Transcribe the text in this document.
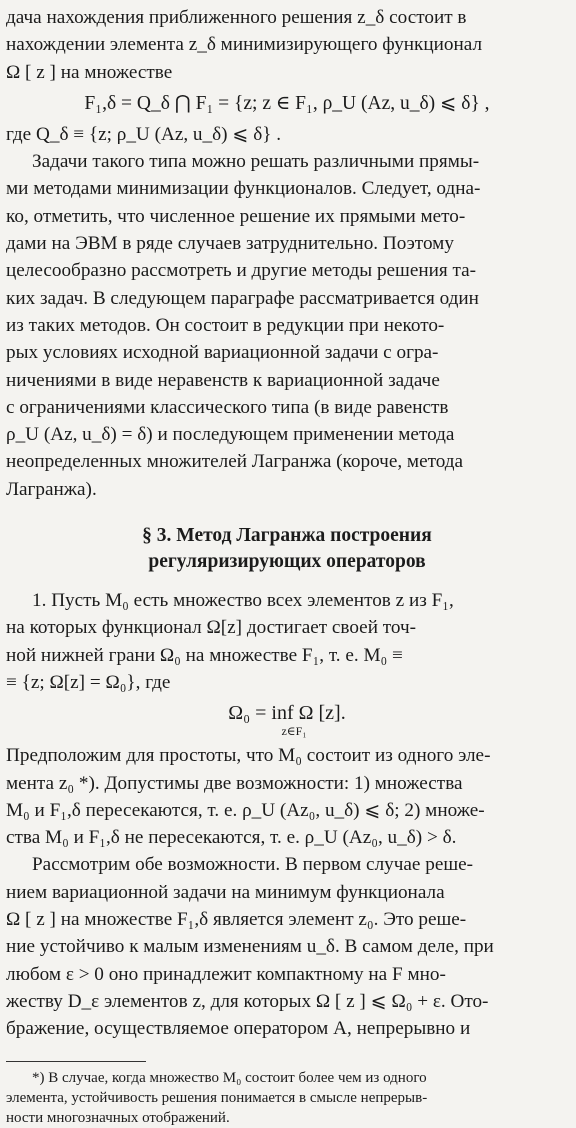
дача нахождения приближенного решения z_δ состоит в
нахождении элемента z_δ минимизирующего функционал
Ω [ z ] на множестве
F₁,δ = Q_δ ⋂ F₁ = {z; z ∈ F₁, ρ_U (Az, u_δ) ⩽ δ} ,
где Q_δ ≡ {z; ρ_U (Az, u_δ) ⩽ δ} .
Задачи такого типа можно решать различными прямы-
ми методами минимизации функционалов. Следует, одна-
ко, отметить, что численное решение их прямыми мето-
дами на ЭВМ в ряде случаев затруднительно. Поэтому
целесообразно рассмотреть и другие методы решения та-
ких задач. В следующем параграфе рассматривается один
из таких методов. Он состоит в редукции при некото-
рых условиях исходной вариационной задачи с огра-
ничениями в виде неравенств к вариационной задаче
с ограничениями классического типа (в виде равенств
ρ_U (Az, u_δ) = δ) и последующем применении метода
неопределенных множителей Лагранжа (короче, метода
Лагранжа).
§ 3. Метод Лагранжа построения
регуляризирующих операторов
1. Пусть M₀ есть множество всех элементов z из F₁,
на которых функционал Ω[z] достигает своей точ-
ной нижней грани Ω₀ на множестве F₁, т. е. M₀ ≡
≡ {z; Ω[z] = Ω₀}, где
Ω₀ = inf Ω [z].
z∈F₁
Предположим для простоты, что M₀ состоит из одного эле-
мента z₀ *). Допустимы две возможности: 1) множества
M₀ и F₁,δ пересекаются, т. е. ρ_U (Az₀, u_δ) ⩽ δ; 2) множе-
ства M₀ и F₁,δ не пересекаются, т. е. ρ_U (Az₀, u_δ) > δ.
Рассмотрим обе возможности. В первом случае реше-
нием вариационной задачи на минимум функционала
Ω [ z ] на множестве F₁,δ является элемент z₀. Это реше-
ние устойчиво к малым изменениям u_δ. В самом деле, при
любом ε > 0 оно принадлежит компактному на F мно-
жеству D_ε элементов z, для которых Ω [ z ] ⩽ Ω₀ + ε. Ото-
бражение, осуществляемое оператором A, непрерывно и
*) В случае, когда множество M₀ состоит более чем из одного
элемента, устойчивость решения понимается в смысле непрерыв-
ности многозначных отображений.
